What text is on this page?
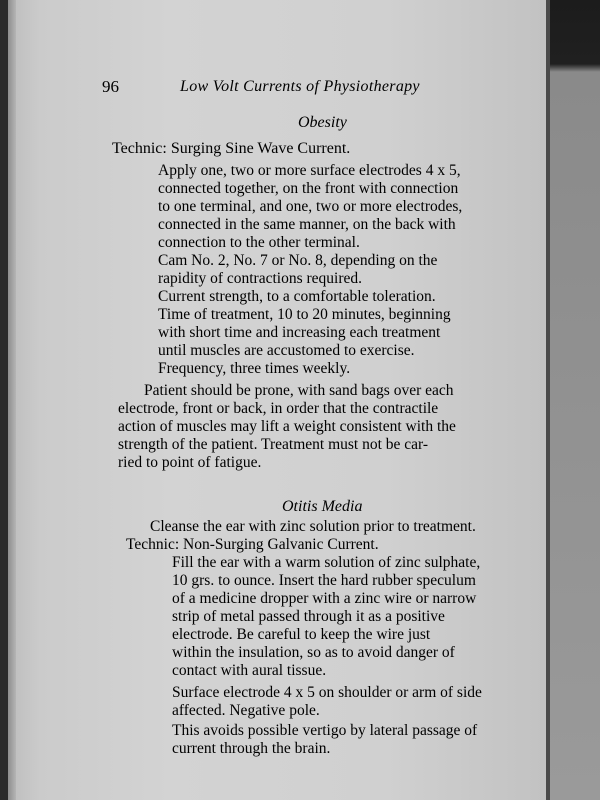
96	Low Volt Currents of Physiotherapy
Obesity
Technic: Surging Sine Wave Current.
Apply one, two or more surface electrodes 4 x 5,
connected together, on the front with connection
to one terminal, and one, two or more electrodes,
connected in the same manner, on the back with
connection to the other terminal.
Cam No. 2, No. 7 or No. 8, depending on the
rapidity of contractions required.
Current strength, to a comfortable toleration.
Time of treatment, 10 to 20 minutes, beginning
with short time and increasing each treatment
until muscles are accustomed to exercise.
Frequency, three times weekly.
Patient should be prone, with sand bags over each
electrode, front or back, in order that the contractile
action of muscles may lift a weight consistent with the
strength of the patient. Treatment must not be car-
ried to point of fatigue.
Otitis Media
Cleanse the ear with zinc solution prior to treatment.
Technic: Non-Surging Galvanic Current.
Fill the ear with a warm solution of zinc sulphate,
10 grs. to ounce. Insert the hard rubber speculum
of a medicine dropper with a zinc wire or narrow
strip of metal passed through it as a positive
electrode. Be careful to keep the wire just
within the insulation, so as to avoid danger of
contact with aural tissue.
Surface electrode 4 x 5 on shoulder or arm of side
affected. Negative pole.
This avoids possible vertigo by lateral passage of
current through the brain.
